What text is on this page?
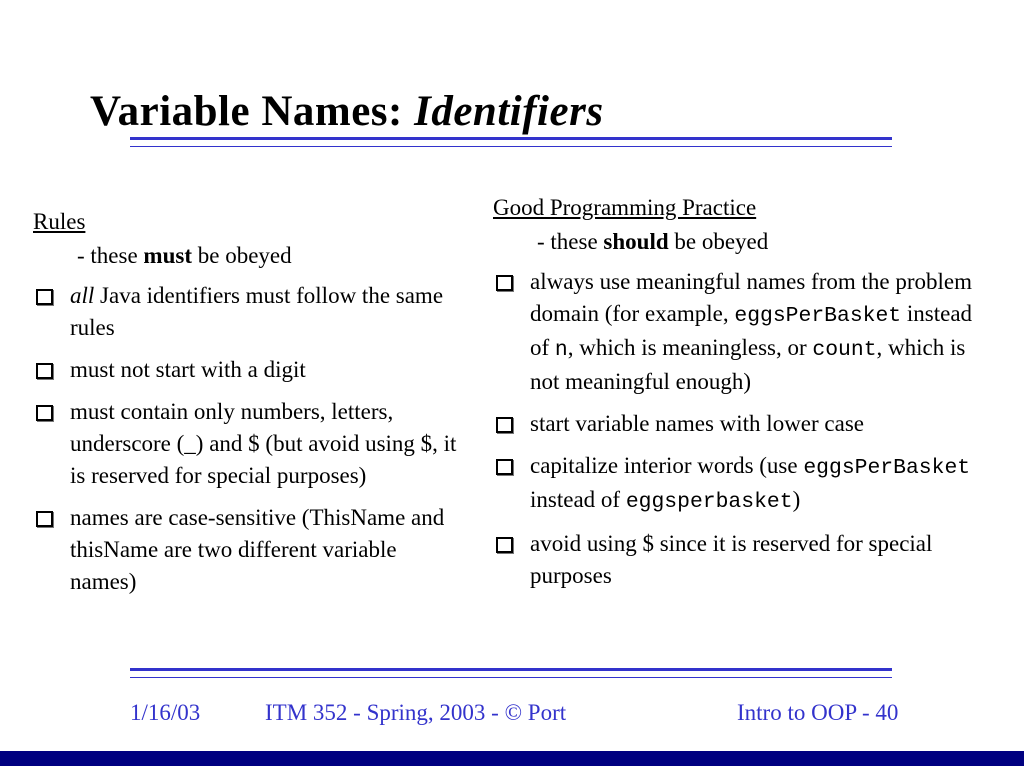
Variable Names: Identifiers
Rules
- these must be obeyed
all Java identifiers must follow the same rules
must not start with a digit
must contain only numbers, letters, underscore (_) and $ (but avoid using $, it is reserved for special purposes)
names are case-sensitive (ThisName and thisName are two different variable names)
Good Programming Practice
- these should be obeyed
always use meaningful names from the problem domain (for example, eggsPerBasket instead of n, which is meaningless, or count, which is not meaningful enough)
start variable names with lower case
capitalize interior words (use eggsPerBasket instead of eggsperbasket)
avoid using $ since it is reserved for special purposes
1/16/03	ITM 352 - Spring, 2003 - © Port	Intro to OOP - 40
